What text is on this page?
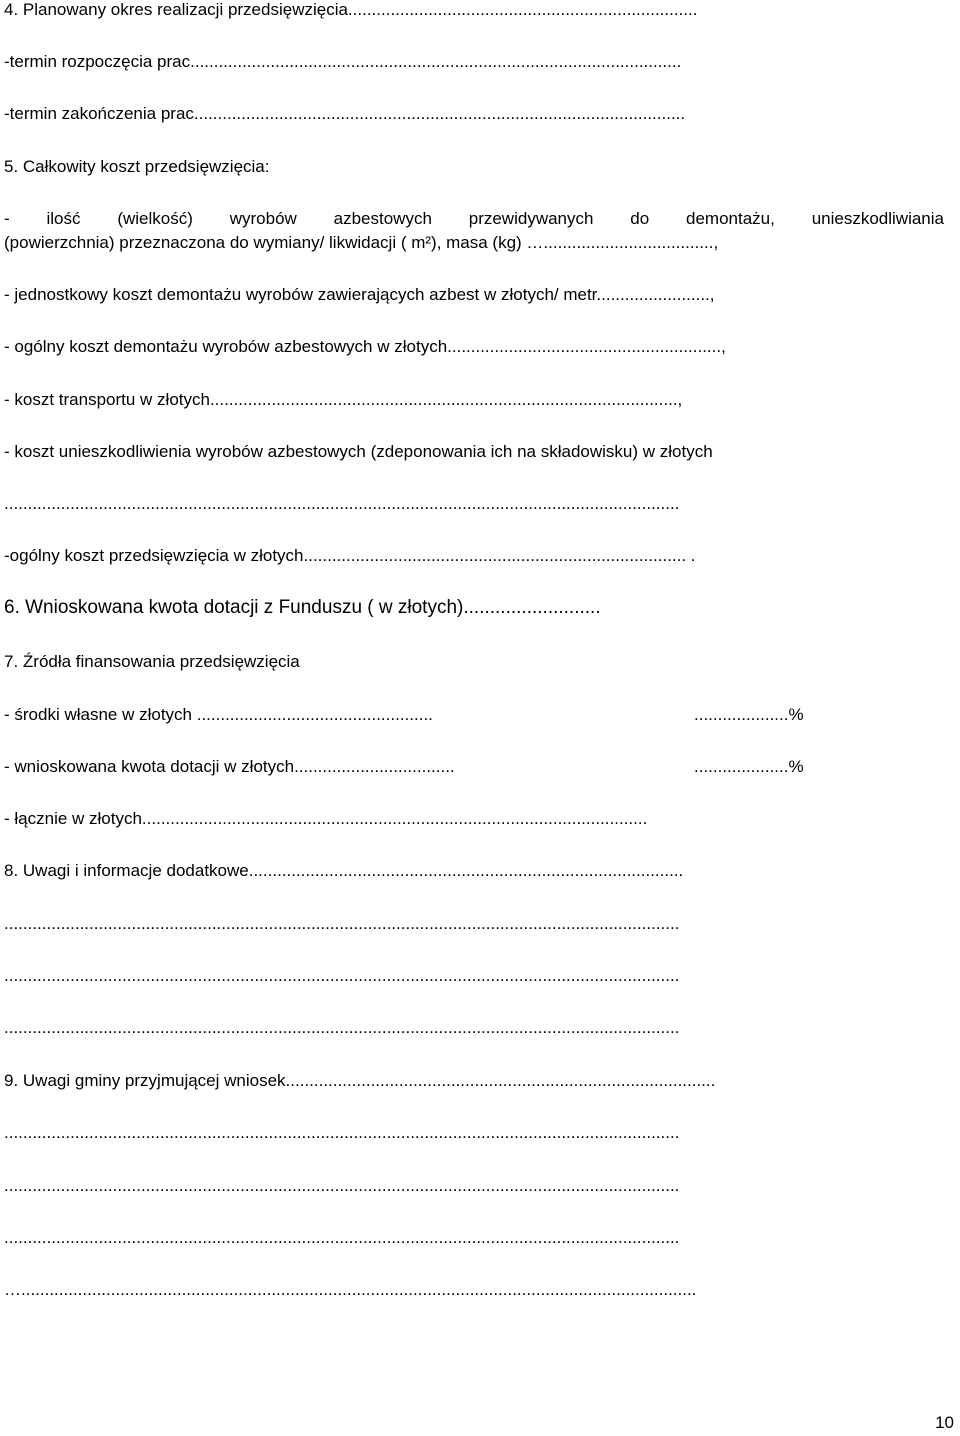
4. Planowany okres realizacji przedsięwzięcia..........................................................................
-termin rozpoczęcia prac........................................................................................................
-termin zakończenia prac........................................................................................................
5. Całkowity koszt przedsięwzięcia:
- ilość (wielkość) wyrobów azbestowych przewidywanych do demontażu, unieszkodliwiania
(powierzchnia) przeznaczona do wymiany/ likwidacji ( m²), masa (kg) …....................................,
- jednostkowy koszt demontażu wyrobów zawierających azbest w złotych/ metr........................,
- ogólny koszt demontażu wyrobów azbestowych w złotych..........................................................,
- koszt transportu w złotych...................................................................................................,
- koszt unieszkodliwienia wyrobów azbestowych (zdeponowania ich na składowisku) w złotych
...............................................................................................................................................
-ogólny koszt przedsięwzięcia w złotych................................................................................. .
6. Wnioskowana kwota dotacji z Funduszu ( w złotych)..........................
7. Źródła finansowania przedsięwzięcia
- środki własne w złotych ..................................................	....................%
- wnioskowana kwota dotacji w złotych..................................	....................%
- łącznie w złotych...........................................................................................................
8. Uwagi i informacje dodatkowe............................................................................................
...............................................................................................................................................
...............................................................................................................................................
...............................................................................................................................................
9. Uwagi gminy przyjmującej wniosek...........................................................................................
...............................................................................................................................................
...............................................................................................................................................
...............................................................................................................................................
…...............................................................................................................................................
10
